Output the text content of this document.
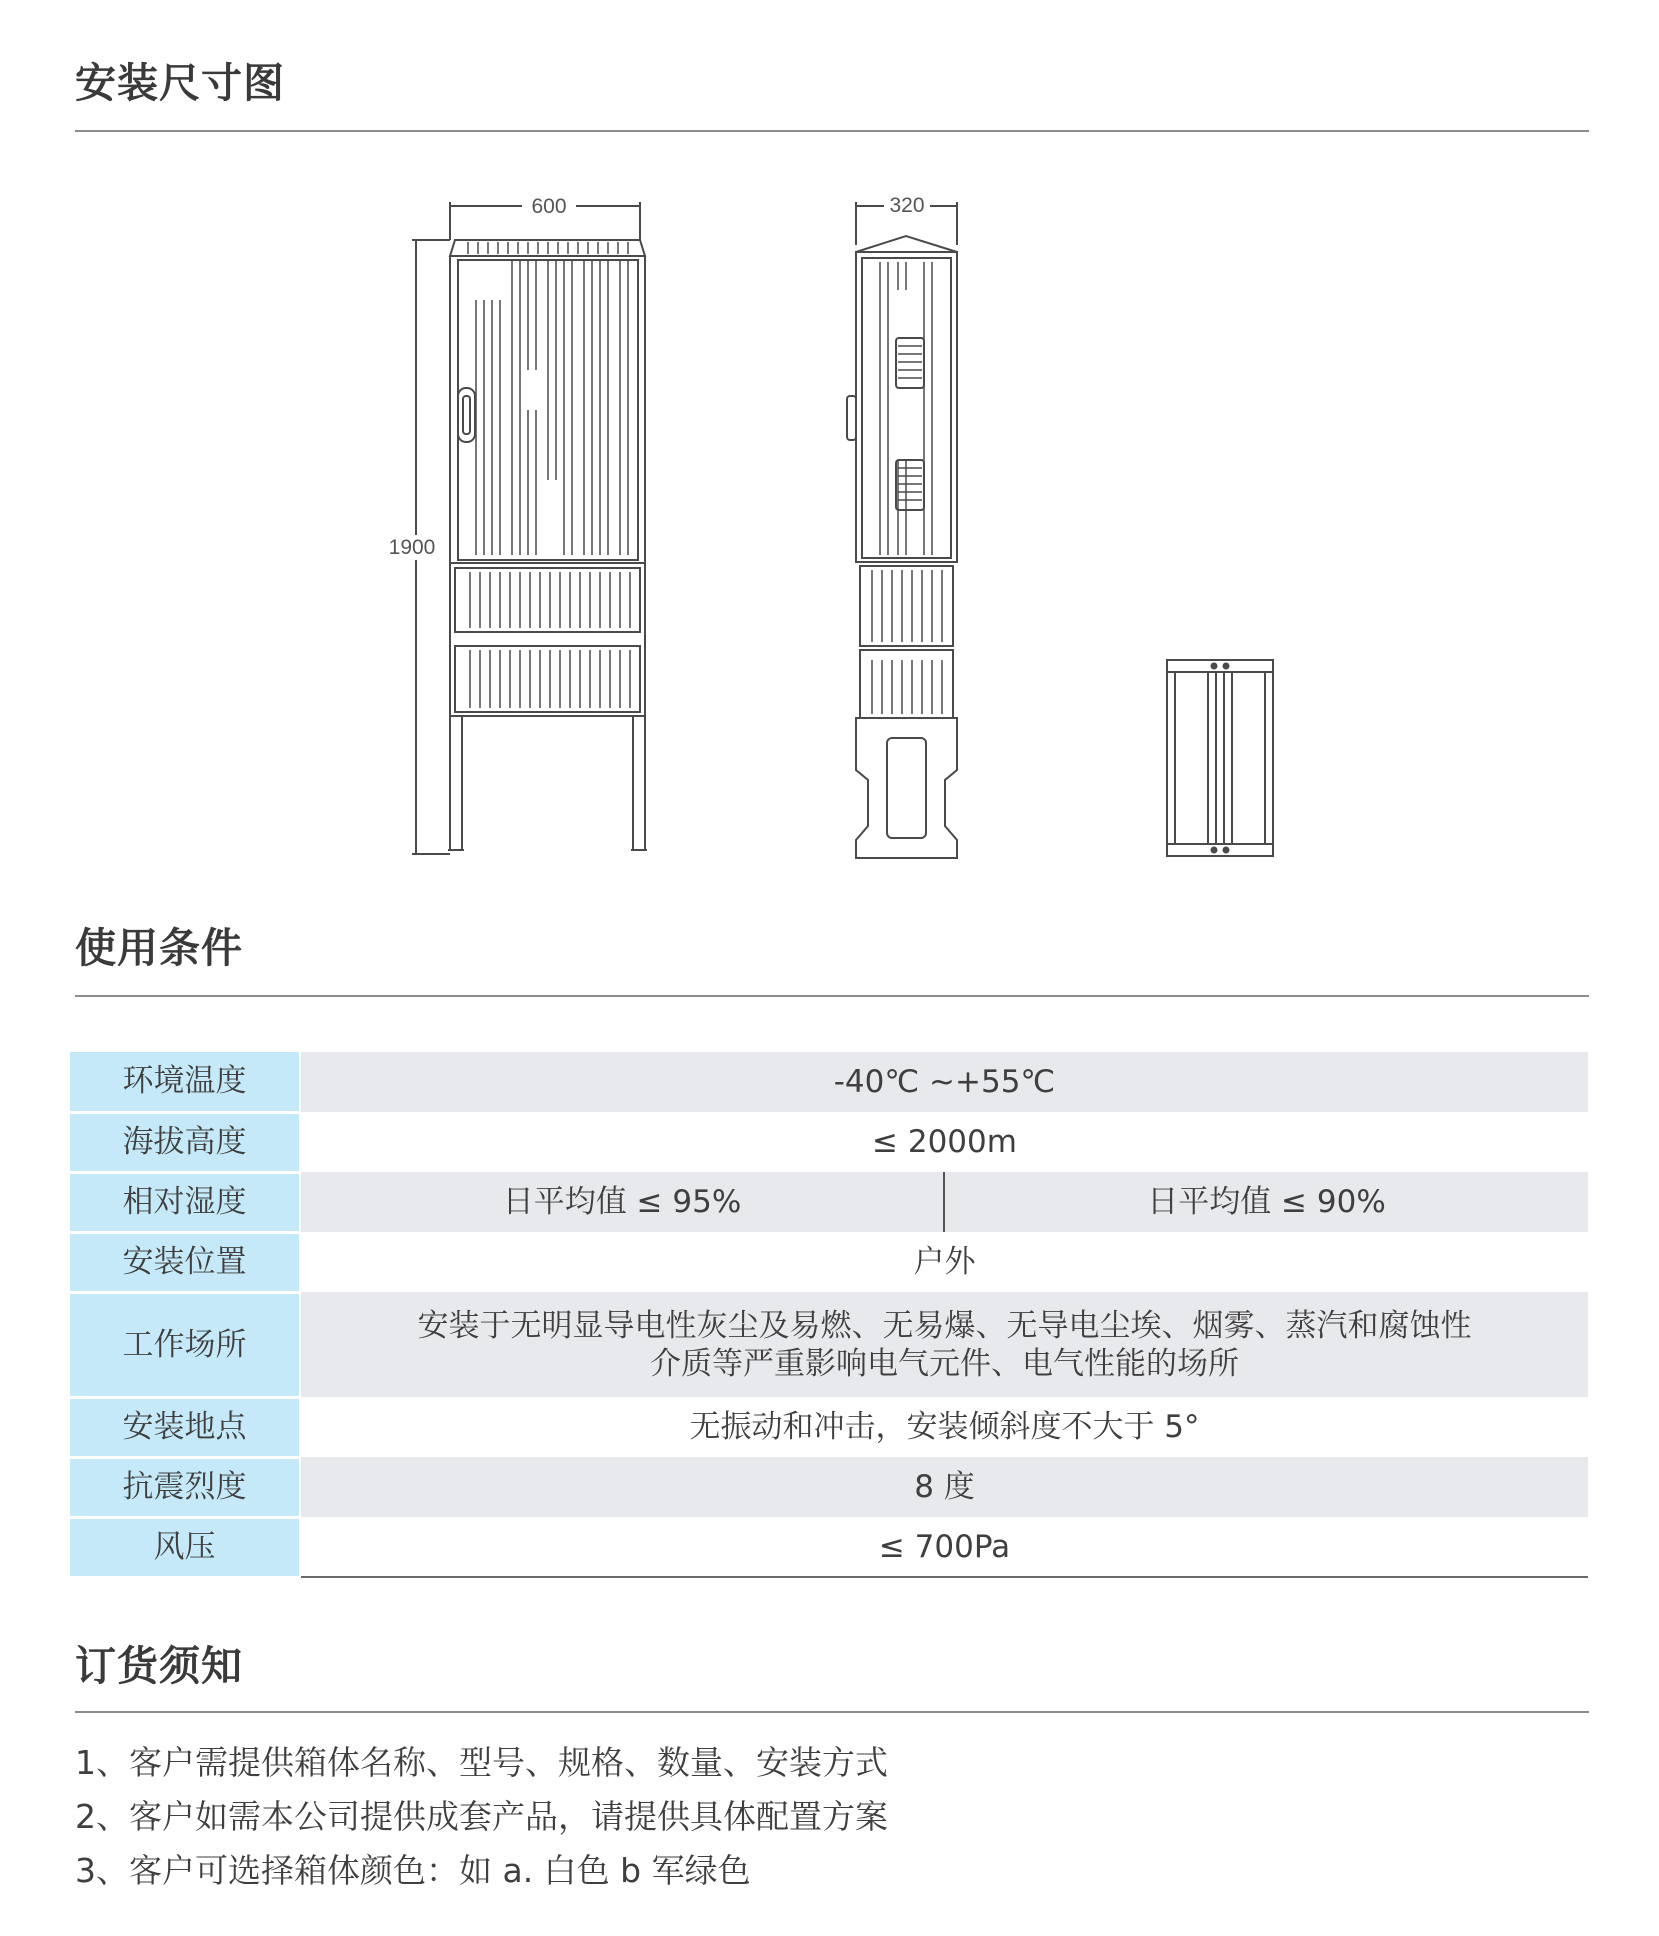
安装尺寸图
600	320
1900
使用条件
环境温度	-40℃ ~+55℃	
海拔高度	≤ 2000m	
相对湿度	日平均值 ≤ 95%	日平均值 ≤ 90%
安装位置	户外	
工作场所	安装于无明显导电性灰尘及易燃、无易爆、无导电尘埃、烟雾、蒸汽和腐蚀性
介质等严重影响电气元件、电气性能的场所	

安装地点	无振动和冲击，安装倾斜度不大于 5°	
抗震烈度	8 度	
风压	≤ 700Pa	
订货须知
1、客户需提供箱体名称、型号、规格、数量、安装方式
2、客户如需本公司提供成套产品，请提供具体配置方案
3、客户可选择箱体颜色：如 a. 白色 b 军绿色
